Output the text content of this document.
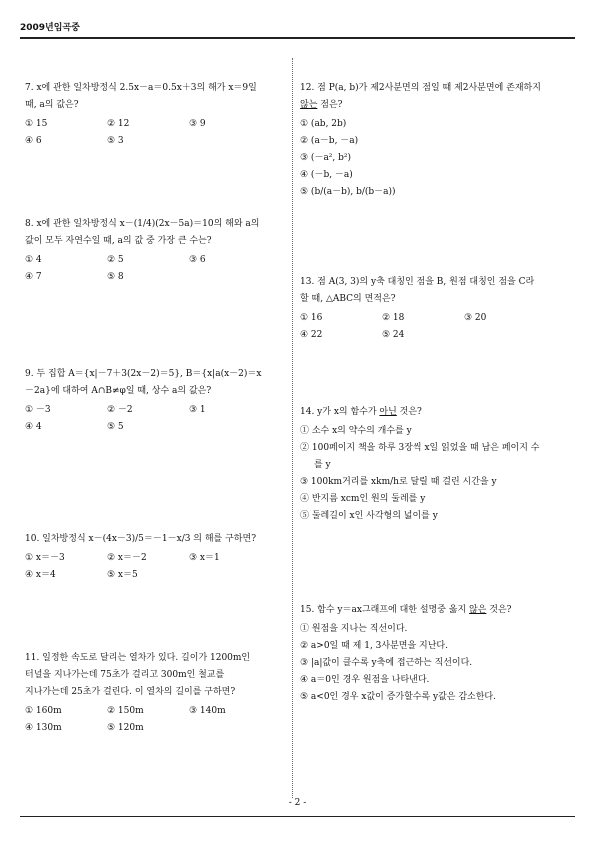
2009년임곡중
7. x에 관한 일차방정식 2.5x－a＝0.5x＋3의 해가 x＝9일 때, a의 값은?
① 15	② 12	③ 9
④ 6	⑤ 3
8. x에 관한 일차방정식 x－(1/4)(2x－5a)＝10의 해와 a의 값이 모두 자연수일 때, a의 값 중 가장 큰 수는?
① 4	② 5	③ 6
④ 7	⑤ 8
9. 두 집합 A＝{x|－7＋3(2x－2)＝5}, B＝{x|a(x－2)＝x－2a}에 대하여 A∩B≠φ일 때, 상수 a의 값은?
① －3	② －2	③ 1
④ 4	⑤ 5
10. 일차방정식 x－(4x－3)/5＝－1－x/3 의 해를 구하면?
① x＝－3	② x＝－2	③ x＝1
④ x＝4	⑤ x＝5
11. 일정한 속도로 달리는 열차가 있다. 길이가 1200m인 터널을 지나가는데 75초가 걸리고 300m인 철교를 지나가는데 25초가 걸린다. 이 열차의 길이를 구하면?
① 160m	② 150m	③ 140m
④ 130m	⑤ 120m
12. 점 P(a, b)가 제2사분면의 점일 때 제2사분면에 존재하지 않는 점은?
① (ab, 2b)
② (a－b, －a)
③ (－a², b²)
④ (－b, －a)
⑤ (b/(a－b), b/(b－a))
13. 점 A(3, 3)의 y축 대칭인 점을 B, 원점 대칭인 점을 C라 할 때, △ABC의 면적은?
① 16	② 18	③ 20
④ 22	⑤ 24
14. y가 x의 함수가 아닌 것은?
① 소수 x의 약수의 개수를 y
② 100페이지 책을 하루 3장씩 x일 읽었을 때 남은 페이지 수를 y
③ 100km거리를 xkm/h로 달릴 때 걸린 시간을 y
④ 반지름 xcm인 원의 둘레를 y
⑤ 둘레길이 x인 사각형의 넓이를 y
15. 함수 y＝ax그래프에 대한 설명중 옳지 않은 것은?
① 원점을 지나는 직선이다.
② a>0일 때 제 1, 3사분면을 지난다.
③ |a|값이 클수록 y축에 접근하는 직선이다.
④ a＝0인 경우 원점을 나타낸다.
⑤ a<0인 경우 x값이 증가할수록 y값은 감소한다.
- 2 -
